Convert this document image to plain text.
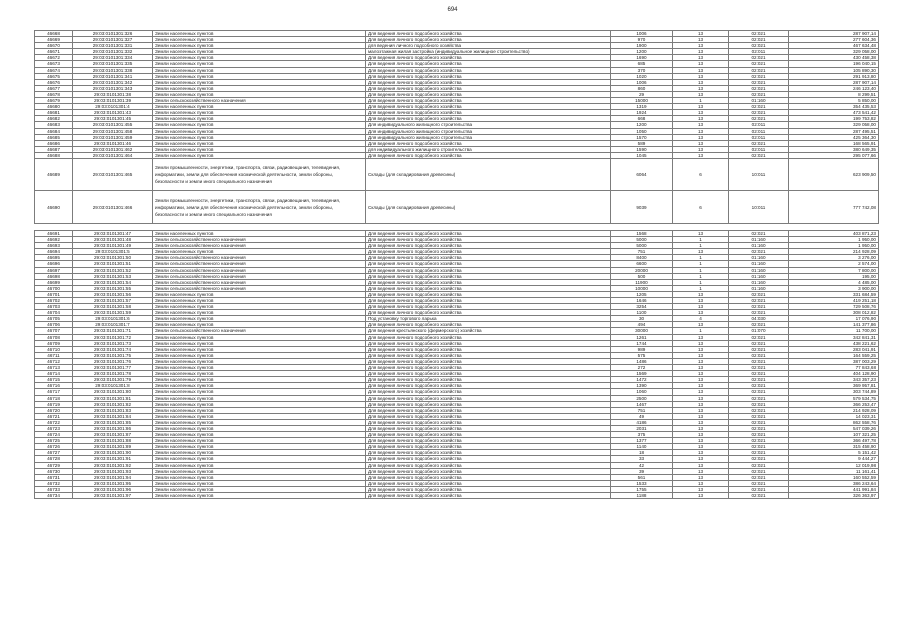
694
46668	29:03:0101301:326	Земли населенных пунктов	Для ведения личного подсобного хозяйства	1006	13	02:021	287 907,14
46669	29:03:0101301:327	Земли населенных пунктов	Для ведения личного подсобного хозяйства	970	13	02:021	277 604,36
46670	29:03:0101301:331	Земли населенных пунктов	для ведения личного подсобного хозяйства	1900	13	02:021	467 634,48
46671	29:03:0101301:332	Земли населенных пунктов	малоэтажная жилая застройка (индивидуальное жилищное строительство)	1200	13	02:011	329 058,00
46672	29:03:0101301:334	Земли населенных пунктов	Для ведения личного подсобного хозяйства	1690	13	02:021	430 458,38
46673	29:03:0101301:335	Земли населенных пунктов	Для ведения личного подсобного хозяйства	685	13	02:021	196 040,15
46674	29:03:0101301:338	Земли населенных пунктов	Для ведения личного подсобного хозяйства	370	13	02:021	105 890,30
46675	29:03:0101301:341	Земли населенных пунктов	Для ведения личного подсобного хозяйства	1020	13	02:021	291 913,80
46676	29:03:0101301:342	Земли населенных пунктов	Для ведения личного подсобного хозяйства	1006	13	02:021	287 907,14
46677	29:03:0101301:343	Земли населенных пунктов	Для ведения личного подсобного хозяйства	860	13	02:021	246 123,40
46678	29:03:0101301:38	Земли населенных пунктов	Для ведения личного подсобного хозяйства	29	13	02:021	8 299,51
46679	29:03:0101301:39	Земли сельскохозяйственного назначения	Для ведения личного подсобного хозяйства	15000	1	01:160	5 850,00
46680	29:03:0101301:4	Земли населенных пунктов	Для ведения личного подсобного хозяйства	1319	13	02:021	354 435,53
46681	29:03:0101301:43	Земли населенных пунктов	Для ведения личного подсобного хозяйства	1924	13	02:021	473 541,42
46682	29:03:0101301:45	Земли населенных пунктов	Для ведения личного подсобного хозяйства	668	13	02:021	199 753,82
46683	29:03:0101301:455	Земли населенных пунктов	Для индивидуального жилищного строительства	1200	13	02:011	329 058,00
46684	29:03:0101301:458	Земли населенных пунктов	Для индивидуального жилищного строительства	1050	13	02:011	287 495,51
46685	29:03:0101301:459	Земли населенных пунктов	Для индивидуального жилищного строительства	1570	13	02:011	425 364,30
46686	29:03:0101301:46	Земли населенных пунктов	Для ведения личного подсобного хозяйства	589	13	02:021	168 565,91
46687	29:03:0101301:462	Земли населенных пунктов	для индивидуального жилищного строительства	1590	13	02:011	380 649,35
46688	29:03:0101301:464	Земли населенных пунктов	Для ведения личного подсобного хозяйства	1045	13	02:021	295 077,66
46689	29:03:0101301:465	Земли промышленности, энергетики, транспорта, связи, радиовещания, телевидения, информатики, земли для обеспечения космической деятельности, земли обороны, безопасности и земли иного специального назначения	Склады (для складирования древесины)	6064	6	10:011	623 909,50
46690	29:03:0101301:466	Земли промышленности, энергетики, транспорта, связи, радиовещания, телевидения, информатики, земли для обеспечения космической деятельности, земли обороны, безопасности и земли иного специального назначения	Склады (для складирования древесины)	9039	6	10:011	777 742,08

46691	29:03:0101301:47	Земли населенных пунктов	Для ведения личного подсобного хозяйства	1568	13	02:021	403 871,23
46692	29:03:0101301:48	Земли сельскохозяйственного назначения	Для ведения личного подсобного хозяйства	5000	1	01:160	1 950,00
46693	29:03:0101301:49	Земли сельскохозяйственного назначения	Для ведения личного подсобного хозяйства	5000	1	01:160	1 950,00
46694	29:03:0101301:5	Земли населенных пунктов	Для ведения личного подсобного хозяйства	751	13	02:021	214 928,09
46695	29:03:0101301:50	Земли сельскохозяйственного назначения	Для ведения личного подсобного хозяйства	8400	1	01:160	3 276,00
46696	29:03:0101301:51	Земли сельскохозяйственного назначения	Для ведения личного подсобного хозяйства	6600	1	01:160	2 574,00
46697	29:03:0101301:52	Земли сельскохозяйственного назначения	Для ведения личного подсобного хозяйства	20000	1	01:160	7 800,00
46698	29:03:0101301:53	Земли сельскохозяйственного назначения	Для ведения личного подсобного хозяйства	500	1	01:160	195,00
46699	29:03:0101301:54	Земли сельскохозяйственного назначения	Для ведения личного подсобного хозяйства	11900	1	01:160	4 485,00
46700	29:03:0101301:55	Земли сельскохозяйственного назначения	Для ведения личного подсобного хозяйства	10000	1	01:160	3 900,00
46701	29:03:0101301:56	Земли населенных пунктов	Для ведения личного подсобного хозяйства	1205	13	02:021	331 684,59
46702	29:03:0101301:57	Земли населенных пунктов	Для ведения личного подсобного хозяйства	1646	13	02:021	419 251,18
46703	29:03:0101301:58	Земли населенных пунктов	Для ведения личного подсобного хозяйства	3254	13	02:021	729 508,76
46704	29:03:0101301:59	Земли населенных пунктов	Для ведения личного подсобного хозяйства	1100	13	02:021	308 012,82
46705	29:03:0101301:6	Земли населенных пунктов	Под установку торгового ларька	30	4	04:030	17 076,90
46706	29:03:0101301:7	Земли населенных пунктов	Для ведения личного подсобного хозяйства	494	13	02:021	141 377,86
46707	29:03:0101301:71	Земли сельскохозяйственного назначения	Для ведения крестьянского (фермерского) хозяйства	30000	1	01:070	11 700,00
46708	29:03:0101301:72	Земли населенных пунктов	Для ведения личного подсобного хозяйства	1261	13	02:021	342 841,31
46709	29:03:0101301:73	Земли населенных пунктов	Для ведения личного подсобного хозяйства	1744	13	02:021	438 221,62
46710	29:03:0101301:74	Земли населенных пунктов	Для ведения личного подсобного хозяйства	989	13	02:021	283 041,91
46711	29:03:0101301:75	Земли населенных пунктов	Для ведения личного подсобного хозяйства	575	13	02:021	164 559,25
46712	29:03:0101301:76	Земли населенных пунктов	Для ведения личного подсобного хозяйства	1486	13	02:021	387 003,29
46713	29:03:0101301:77	Земли населенных пунктов	Для ведения личного подсобного хозяйства	272	13	02:021	77 843,68
46714	29:03:0101301:78	Земли населенных пунктов	Для ведения личного подсобного хозяйства	1569	13	02:021	404 128,90
46715	29:03:0101301:79	Земли населенных пунктов	Для ведения личного подсобного хозяйства	1472	13	02:021	343 357,23
46716	29:03:0101301:8	Земли населенных пунктов	Для ведения личного подсобного хозяйства	1390	13	02:021	369 957,81
46717	29:03:0101301:80	Земли населенных пунктов	Для ведения личного подсобного хозяйства	1060	13	02:021	303 744,89
46718	29:03:0101301:81	Земли населенных пунктов	Для ведения личного подсобного хозяйства	2500	13	02:021	579 534,75
46719	29:03:0101301:82	Земли населенных пунктов	Для ведения личного подсобного хозяйства	1467	13	02:021	366 253,47
46720	29:03:0101301:83	Земли населенных пунктов	Для ведения личного подсобного хозяйства	751	13	02:021	214 928,09
46721	29:03:0101301:84	Земли населенных пунктов	Для ведения личного подсобного хозяйства	49	13	02:021	14 023,31
46722	29:03:0101301:85	Земли населенных пунктов	Для ведения личного подсобного хозяйства	4186	13	02:021	862 558,76
46723	29:03:0101301:86	Земли населенных пунктов	Для ведения личного подсобного хозяйства	2031	13	02:021	547 039,26
46724	29:03:0101301:87	Земли населенных пунктов	Для ведения личного подсобного хозяйства	375	13	02:021	107 321,25
46725	29:03:0101301:88	Земли населенных пунктов	Для ведения личного подсобного хозяйства	1377	13	02:021	366 497,78
46726	29:03:0101301:89	Земли населенных пунктов	Для ведения личного подсобного хозяйства	1140	13	02:021	315 458,90
46727	29:03:0101301:90	Земли населенных пунктов	Для ведения личного подсобного хозяйства	18	13	02:021	5 151,42
46728	29:03:0101301:91	Земли населенных пунктов	Для ведения личного подсобного хозяйства	33	13	02:021	9 444,27
46729	29:03:0101301:92	Земли населенных пунктов	Для ведения личного подсобного хозяйства	42	13	02:021	12 019,98
46730	29:03:0101301:93	Земли населенных пунктов	Для ведения личного подсобного хозяйства	39	13	02:021	11 161,41
46731	29:03:0101301:94	Земли населенных пунктов	Для ведения личного подсобного хозяйства	561	13	02:021	160 552,59
46732	29:03:0101301:95	Земли населенных пунктов	Для ведения личного подсобного хозяйства	1533	13	02:021	386 243,64
46733	29:03:0101301:96	Земли населенных пунктов	Для ведения личного подсобного хозяйства	1755	13	02:021	441 991,84
46734	29:03:0101301:97	Земли населенных пунктов	Для ведения личного подсобного хозяйства	1188	13	02:021	326 363,97
